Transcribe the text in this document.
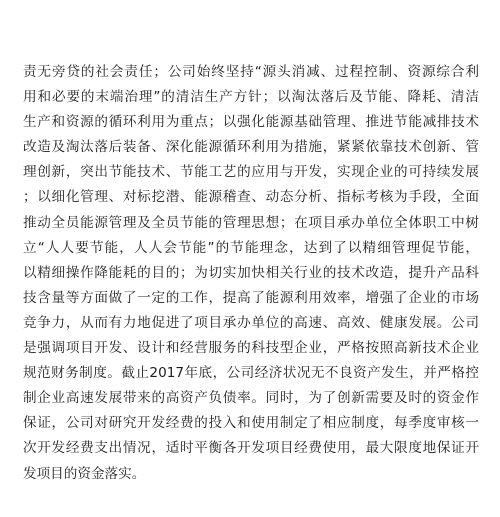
责无旁贷的社会责任；公司始终坚持“源头消减、过程控制、资源综合利
用和必要的末端治理”的清洁生产方针；以淘汰落后及节能、降耗、清洁
生产和资源的循环利用为重点；以强化能源基础管理、推进节能减排技术
改造及淘汰落后装备、深化能源循环利用为措施，紧紧依靠技术创新、管
理创新，突出节能技术、节能工艺的应用与开发，实现企业的可持续发展
；以细化管理、对标挖潜、能源稽查、动态分析、指标考核为手段，全面
推动全员能源管理及全员节能的管理思想；在项目承办单位全体职工中树
立“人人要节能，人人会节能”的节能理念，达到了以精细管理促节能，
以精细操作降能耗的目的；为切实加快相关行业的技术改造，提升产品科
技含量等方面做了一定的工作，提高了能源利用效率，增强了企业的市场
竞争力，从而有力地促进了项目承办单位的高速、高效、健康发展。公司
是强调项目开发、设计和经营服务的科技型企业，严格按照高新技术企业
规范财务制度。截止2017年底，公司经济状况无不良资产发生，并严格控
制企业高速发展带来的高资产负债率。同时，为了创新需要及时的资金作
保证，公司对研究开发经费的投入和使用制定了相应制度，每季度审核一
次开发经费支出情况，适时平衡各开发项目经费使用，最大限度地保证开
发项目的资金落实。
